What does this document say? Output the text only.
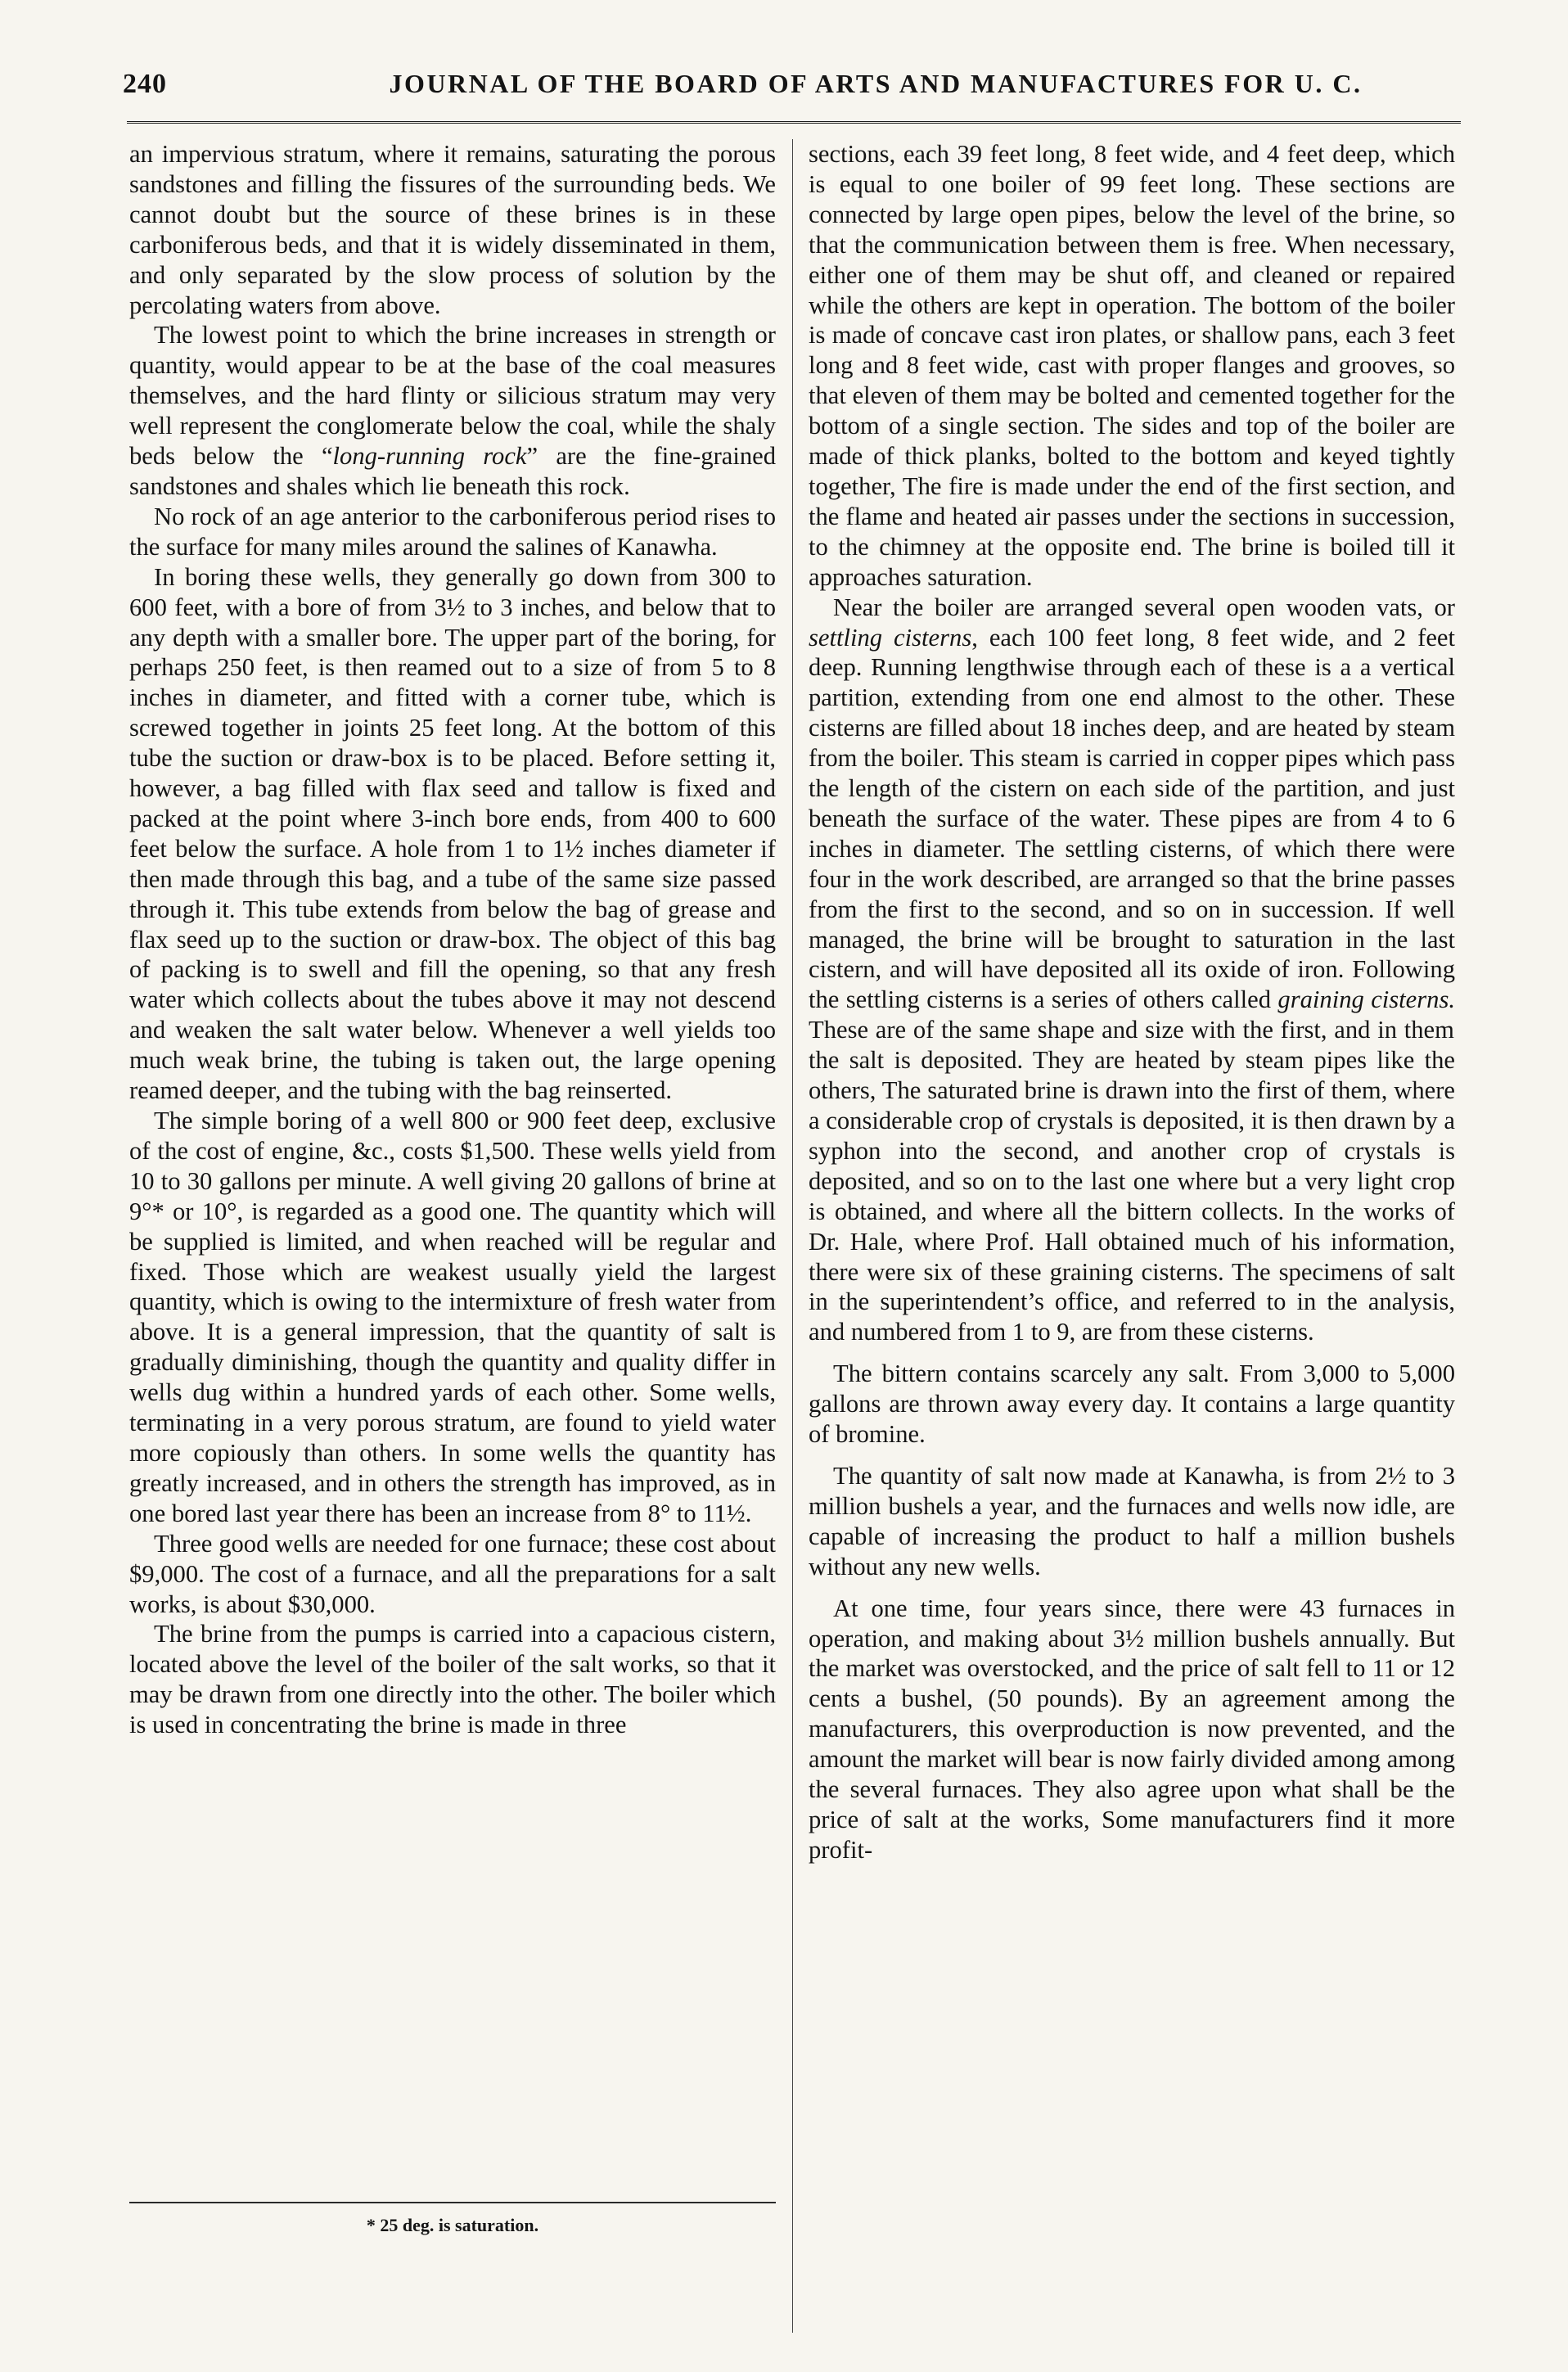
240	JOURNAL OF THE BOARD OF ARTS AND MANUFACTURES FOR U. C.

an impervious stratum, where it remains, saturating the porous sandstones and filling the fissures of the surrounding beds. We cannot doubt but the source of these brines is in these carboniferous beds, and that it is widely disseminated in them, and only separated by the slow process of solution by the percolating waters from above.

The lowest point to which the brine increases in strength or quantity, would appear to be at the base of the coal measures themselves, and the hard flinty or silicious stratum may very well represent the conglomerate below the coal, while the shaly beds below the “long-running rock” are the fine-grained sandstones and shales which lie beneath this rock.

No rock of an age anterior to the carboniferous period rises to the surface for many miles around the salines of Kanawha.

In boring these wells, they generally go down from 300 to 600 feet, with a bore of from 3½ to 3 inches, and below that to any depth with a smaller bore. The upper part of the boring, for perhaps 250 feet, is then reamed out to a size of from 5 to 8 inches in diameter, and fitted with a corner tube, which is screwed together in joints 25 feet long. At the bottom of this tube the suction or draw-box is to be placed. Before setting it, however, a bag filled with flax seed and tallow is fixed and packed at the point where 3-inch bore ends, from 400 to 600 feet below the surface. A hole from 1 to 1½ inches diameter if then made through this bag, and a tube of the same size passed through it. This tube extends from below the bag of grease and flax seed up to the suction or draw-box. The object of this bag of packing is to swell and fill the opening, so that any fresh water which collects about the tubes above it may not descend and weaken the salt water below. Whenever a well yields too much weak brine, the tubing is taken out, the large opening reamed deeper, and the tubing with the bag reinserted.

The simple boring of a well 800 or 900 feet deep, exclusive of the cost of engine, &c., costs $1,500. These wells yield from 10 to 30 gallons per minute. A well giving 20 gallons of brine at 9°* or 10°, is regarded as a good one. The quantity which will be supplied is limited, and when reached will be regular and fixed. Those which are weakest usually yield the largest quantity, which is owing to the intermixture of fresh water from above. It is a general impression, that the quantity of salt is gradually diminishing, though the quantity and quality differ in wells dug within a hundred yards of each other. Some wells, terminating in a very porous stratum, are found to yield water more copiously than others. In some wells the quantity has greatly increased, and in others the strength has improved, as in one bored last year there has been an increase from 8° to 11½.

Three good wells are needed for one furnace; these cost about $9,000. The cost of a furnace, and all the preparations for a salt works, is about $30,000.

The brine from the pumps is carried into a capacious cistern, located above the level of the boiler of the salt works, so that it may be drawn from one directly into the other. The boiler which is used in concentrating the brine is made in three

sections, each 39 feet long, 8 feet wide, and 4 feet deep, which is equal to one boiler of 99 feet long. These sections are connected by large open pipes, below the level of the brine, so that the communication between them is free. When necessary, either one of them may be shut off, and cleaned or repaired while the others are kept in operation. The bottom of the boiler is made of concave cast iron plates, or shallow pans, each 3 feet long and 8 feet wide, cast with proper flanges and grooves, so that eleven of them may be bolted and cemented together for the bottom of a single section. The sides and top of the boiler are made of thick planks, bolted to the bottom and keyed tightly together, The fire is made under the end of the first section, and the flame and heated air passes under the sections in succession, to the chimney at the opposite end. The brine is boiled till it approaches saturation.

Near the boiler are arranged several open wooden vats, or settling cisterns, each 100 feet long, 8 feet wide, and 2 feet deep. Running lengthwise through each of these is a a vertical partition, extending from one end almost to the other. These cisterns are filled about 18 inches deep, and are heated by steam from the boiler. This steam is carried in copper pipes which pass the length of the cistern on each side of the partition, and just beneath the surface of the water. These pipes are from 4 to 6 inches in diameter. The settling cisterns, of which there were four in the work described, are arranged so that the brine passes from the first to the second, and so on in succession. If well managed, the brine will be brought to saturation in the last cistern, and will have deposited all its oxide of iron. Following the settling cisterns is a series of others called graining cisterns. These are of the same shape and size with the first, and in them the salt is deposited. They are heated by steam pipes like the others, The saturated brine is drawn into the first of them, where a considerable crop of crystals is deposited, it is then drawn by a syphon into the second, and another crop of crystals is deposited, and so on to the last one where but a very light crop is obtained, and where all the bittern collects. In the works of Dr. Hale, where Prof. Hall obtained much of his information, there were six of these graining cisterns. The specimens of salt in the superintendent’s office, and referred to in the analysis, and numbered from 1 to 9, are from these cisterns.

The bittern contains scarcely any salt. From 3,000 to 5,000 gallons are thrown away every day. It contains a large quantity of bromine.

The quantity of salt now made at Kanawha, is from 2½ to 3 million bushels a year, and the furnaces and wells now idle, are capable of increasing the product to half a million bushels without any new wells.

At one time, four years since, there were 43 furnaces in operation, and making about 3½ million bushels annually. But the market was overstocked, and the price of salt fell to 11 or 12 cents a bushel, (50 pounds). By an agreement among the manufacturers, this overproduction is now prevented, and the amount the market will bear is now fairly divided among among the several furnaces. They also agree upon what shall be the price of salt at the works, Some manufacturers find it more profit-

* 25 deg. is saturation.
